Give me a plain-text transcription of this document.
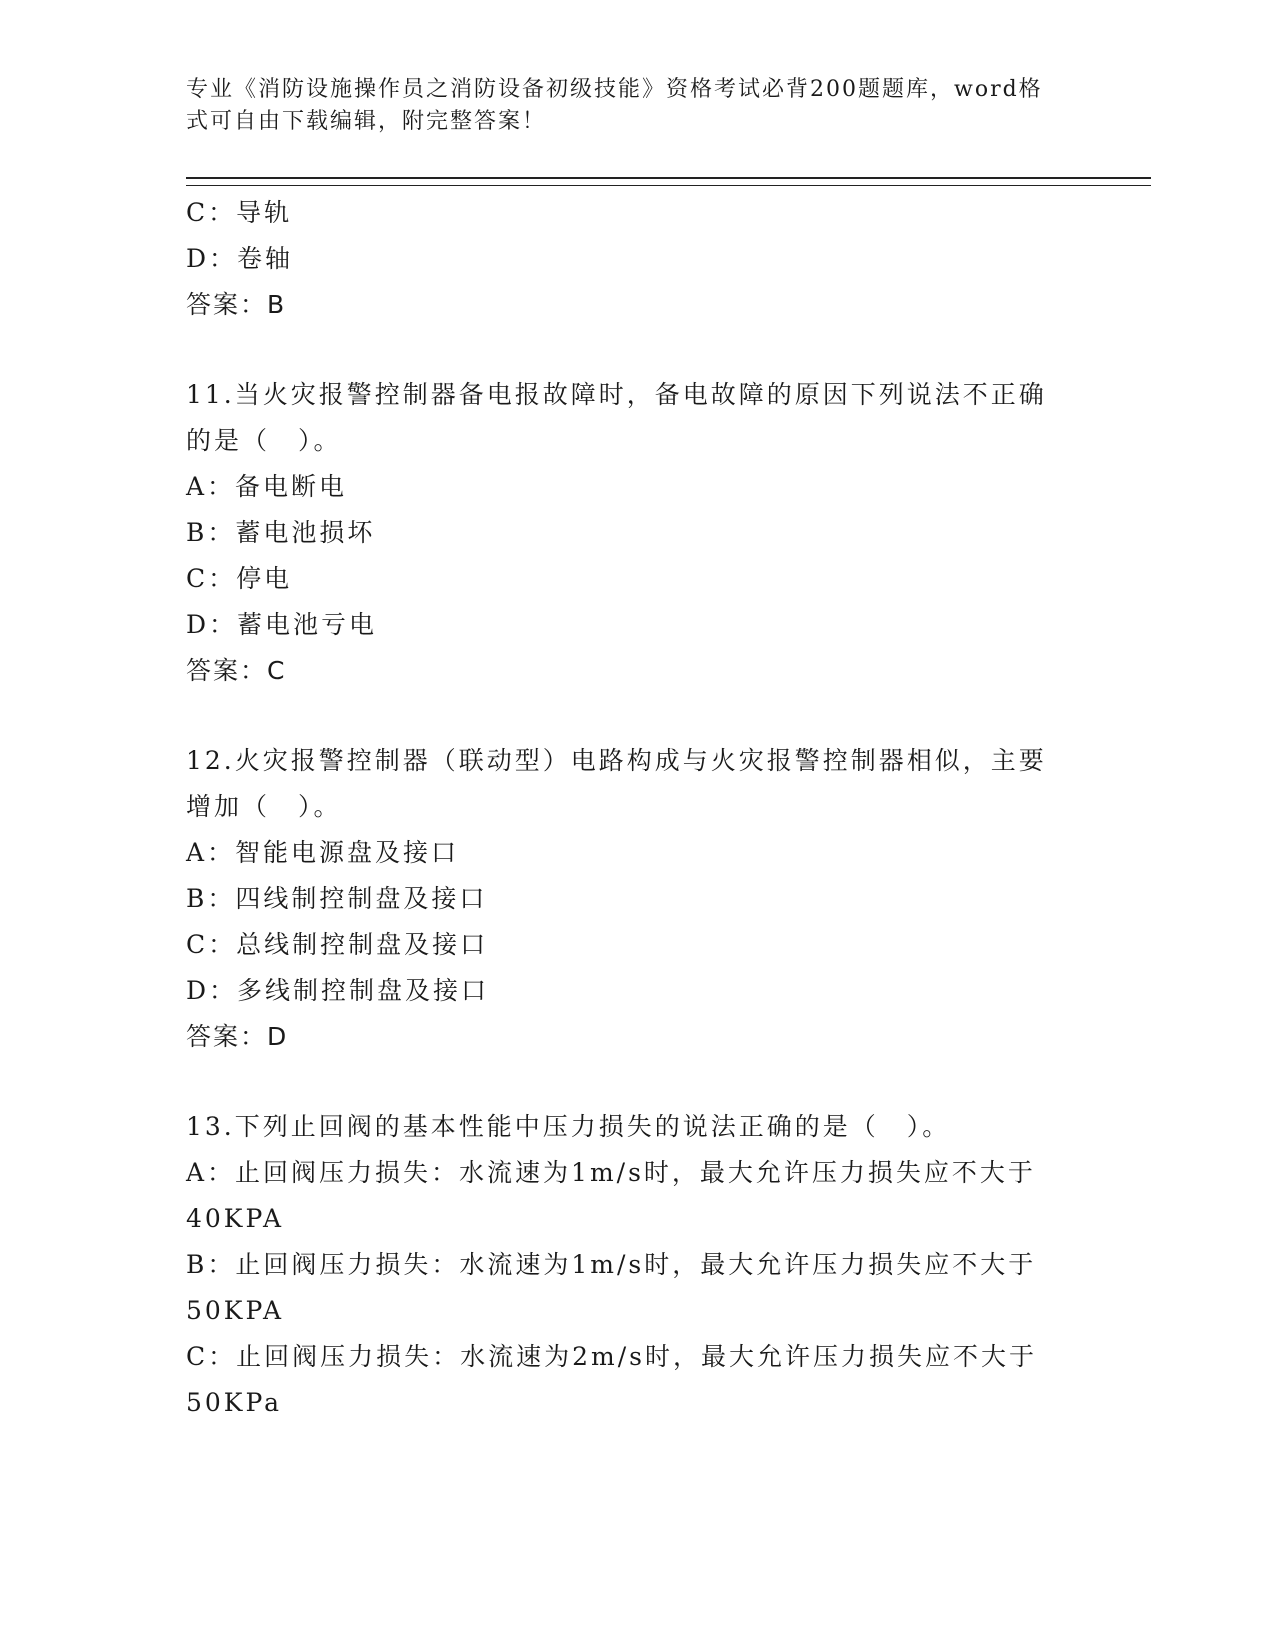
专业《消防设施操作员之消防设备初级技能》资格考试必背200题题库，word格
式可自由下载编辑，附完整答案！

C：导轨

D：卷轴

答案：B

11.当火灾报警控制器备电报故障时，备电故障的原因下列说法不正确

的是（　）。

A：备电断电

B：蓄电池损坏

C：停电

D：蓄电池亏电

答案：C

12.火灾报警控制器（联动型）电路构成与火灾报警控制器相似，主要

增加（　）。

A：智能电源盘及接口

B：四线制控制盘及接口

C：总线制控制盘及接口

D：多线制控制盘及接口

答案：D

13.下列止回阀的基本性能中压力损失的说法正确的是（　）。

A：止回阀压力损失：水流速为1m/s时，最大允许压力损失应不大于

40KPA

B：止回阀压力损失：水流速为1m/s时，最大允许压力损失应不大于

50KPA

C：止回阀压力损失：水流速为2m/s时，最大允许压力损失应不大于

50KPa
